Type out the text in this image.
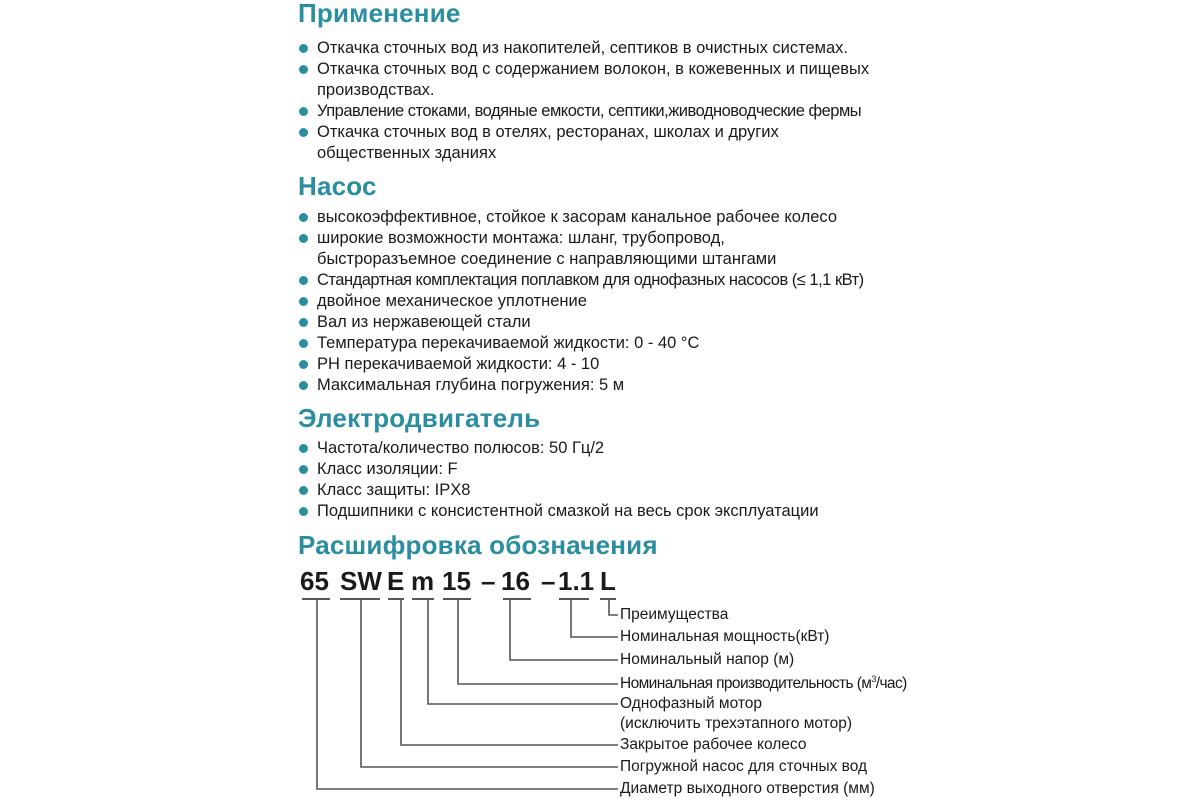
Применение
Откачка сточных вод из накопителей, септиков в очистных системах.
Откачка сточных вод с содержанием волокон, в кожевенных и пищевых
производствах.
Управление стоками, водяные емкости, септики,живодноводческие фермы
Откачка сточных вод в отелях, ресторанах, школах и других
общественных зданиях
Насос
высокоэффективное, стойкое к засорам канальное рабочее колесо
широкие возможности монтажа: шланг, трубопровод,
быстроразъемное соединение с направляющими штангами
Стандартная комплектация поплавком для однофазных насосов (≤ 1,1 кВт)
двойное механическое уплотнение
Вал из нержавеющей стали
Температура перекачиваемой жидкости: 0 - 40 °C
PH перекачиваемой жидкости: 4 - 10
Максимальная глубина погружения: 5 м
Электродвигатель
Частота/количество полюсов: 50 Гц/2
Класс изоляции: F
Класс защиты: IPX8
Подшипники с консистентной смазкой на весь срок эксплуатации
Расшифровка обозначения
65 SW E m 15 – 16 – 1.1 L
Преимущества
Номинальная мощность(кВт)
Номинальный напор (м)
Номинальная производительность $(м^3/час)$
Однофазный мотор
(исключить трехэтапного мотор)
Закрытое рабочее колесо
Погружной насос для сточных вод
Диаметр выходного отверстия (мм)
